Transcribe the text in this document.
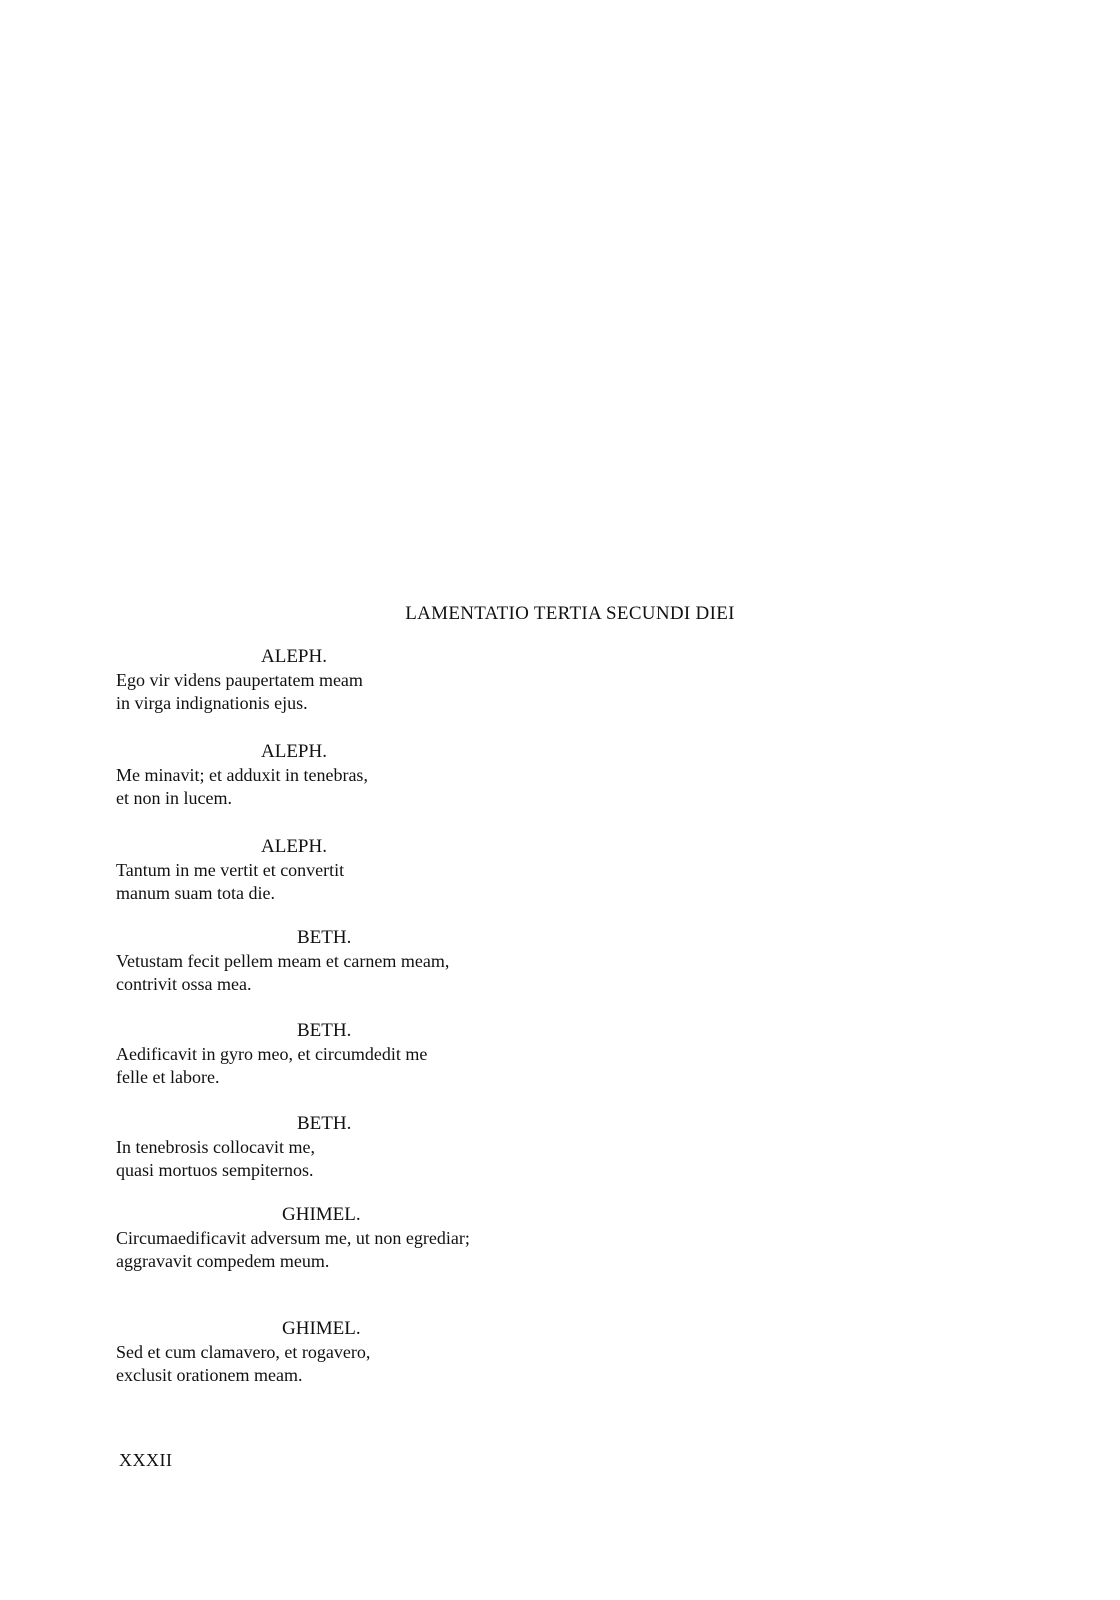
LAMENTATIO TERTIA SECUNDI DIEI
ALEPH.
Ego vir videns paupertatem meam
in virga indignationis ejus.
ALEPH.
Me minavit; et adduxit in tenebras,
et non in lucem.
ALEPH.
Tantum in me vertit et convertit
manum suam tota die.
BETH.
Vetustam fecit pellem meam et carnem meam,
contrivit ossa mea.
BETH.
Aedificavit in gyro meo, et circumdedit me
felle et labore.
BETH.
In tenebrosis collocavit me,
quasi mortuos sempiternos.
GHIMEL.
Circumaedificavit adversum me, ut non egrediar;
aggravavit compedem meum.
GHIMEL.
Sed et cum clamavero, et rogavero,
exclusit orationem meam.
XXXII
